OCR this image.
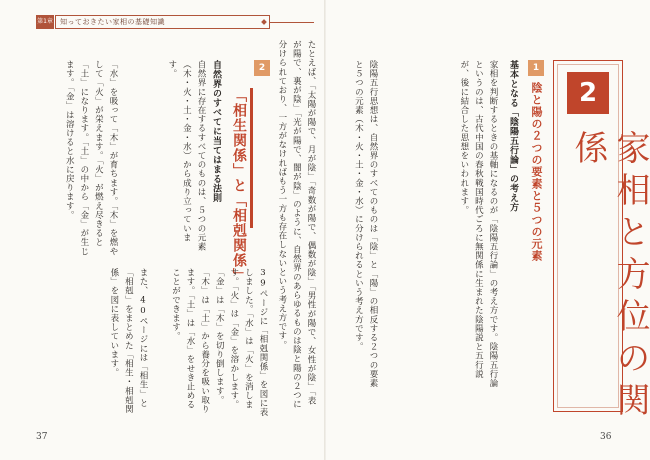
第1章	知っておきたい家相の基礎知識
1
陰と陽の２つの要素と５つの元素
基本となる「陰陽五行論」の考え方
家相を判断するときの基軸になるのが「陰陽五行論」の考え方です。陰陽五行論というのは、古代中国の春秋戦国時代ごろに無関係に生まれた陰陽説と五行説が、後に結合した思想をいわれます。
陰陽五行思想は、自然界のすべてのものは「陰」と「陽」の相反する２つの要素と５つの元素（木・火・土・金・水）に分けられるという考え方です。	2
家相と方位の関係
たとえば、「太陽が陽で、月が陰」「奇数が陽で、偶数が陰」「男性が陽で、女性が陰」「表が陽で、裏が陰」「光が陽で、闇が陰」のように、自然界のあらゆるものは陰と陽の２つに分けられており、一方がなければもう一方も存在しないという考え方です。
2
「相生関係」と「相剋関係」
自然界のすべてに当てはまる法則
自然界に存在するすべてのものは、５つの元素（木・火・土・金・水）から成り立っています。
「水」を吸って「木」が育ちます。「木」を燃やして「火」が栄えます。「火」が燃え尽きると「土」になります。「土」の中から「金」が生じます。「金」は溶けると水に戻ります。
39ページに「相剋関係」を図に表しました。「水」は「火」を消します。「火」は「金」を溶かします。「金」は「木」を切り倒します。「木」は「土」から養分を吸い取ります。「土」は「水」をせき止めることができます。
また、40ページには「相生」と「相剋」をまとめた「相生・相剋関係」を図に表しています。
37	36
